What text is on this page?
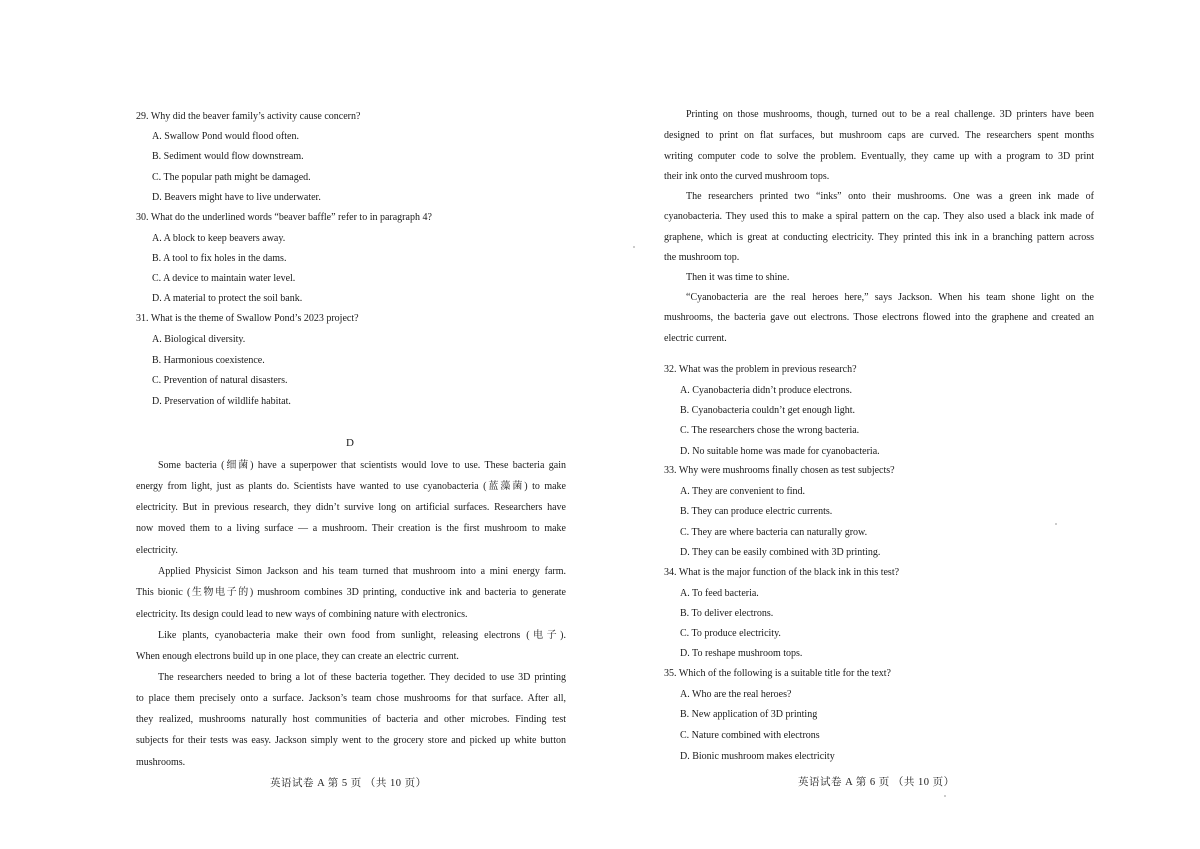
29. Why did the beaver family’s activity cause concern?
A. Swallow Pond would flood often.
B. Sediment would flow downstream.
C. The popular path might be damaged.
D. Beavers might have to live underwater.
30. What do the underlined words “beaver baffle” refer to in paragraph 4?
A. A block to keep beavers away.
B. A tool to fix holes in the dams.
C. A device to maintain water level.
D. A material to protect the soil bank.
31. What is the theme of Swallow Pond’s 2023 project?
A. Biological diversity.
B. Harmonious coexistence.
C. Prevention of natural disasters.
D. Preservation of wildlife habitat.
D
Some bacteria (细菌) have a superpower that scientists would love to use. These bacteria gain
energy from light, just as plants do. Scientists have wanted to use cyanobacteria (蓝藻菌) to make
electricity. But in previous research, they didn’t survive long on artificial surfaces. Researchers have
now moved them to a living surface — a mushroom. Their creation is the first mushroom to make
electricity.
Applied Physicist Simon Jackson and his team turned that mushroom into a mini energy farm.
This bionic (生物电子的) mushroom combines 3D printing, conductive ink and bacteria to generate
electricity. Its design could lead to new ways of combining nature with electronics.
Like plants, cyanobacteria make their own food from sunlight, releasing electrons (电子).
When enough electrons build up in one place, they can create an electric current.
The researchers needed to bring a lot of these bacteria together. They decided to use 3D printing
to place them precisely onto a surface. Jackson’s team chose mushrooms for that surface. After all,
they realized, mushrooms naturally host communities of bacteria and other microbes. Finding test
subjects for their tests was easy. Jackson simply went to the grocery store and picked up white button
mushrooms.
英语试卷 A 第 5 页 （共 10 页）
Printing on those mushrooms, though, turned out to be a real challenge. 3D printers have been
designed to print on flat surfaces, but mushroom caps are curved. The researchers spent months
writing computer code to solve the problem. Eventually, they came up with a program to 3D print
their ink onto the curved mushroom tops.
The researchers printed two “inks” onto their mushrooms. One was a green ink made of
cyanobacteria. They used this to make a spiral pattern on the cap. They also used a black ink made of
graphene, which is great at conducting electricity. They printed this ink in a branching pattern across
the mushroom top.
Then it was time to shine.
“Cyanobacteria are the real heroes here,” says Jackson. When his team shone light on the
mushrooms, the bacteria gave out electrons. Those electrons flowed into the graphene and created an
electric current.
32. What was the problem in previous research?
A. Cyanobacteria didn’t produce electrons.
B. Cyanobacteria couldn’t get enough light.
C. The researchers chose the wrong bacteria.
D. No suitable home was made for cyanobacteria.
33. Why were mushrooms finally chosen as test subjects?
A. They are convenient to find.
B. They can produce electric currents.
C. They are where bacteria can naturally grow.
D. They can be easily combined with 3D printing.
34. What is the major function of the black ink in this test?
A. To feed bacteria.
B. To deliver electrons.
C. To produce electricity.
D. To reshape mushroom tops.
35. Which of the following is a suitable title for the text?
A. Who are the real heroes?
B. New application of 3D printing
C. Nature combined with electrons
D. Bionic mushroom makes electricity
英语试卷 A 第 6 页 （共 10 页）
